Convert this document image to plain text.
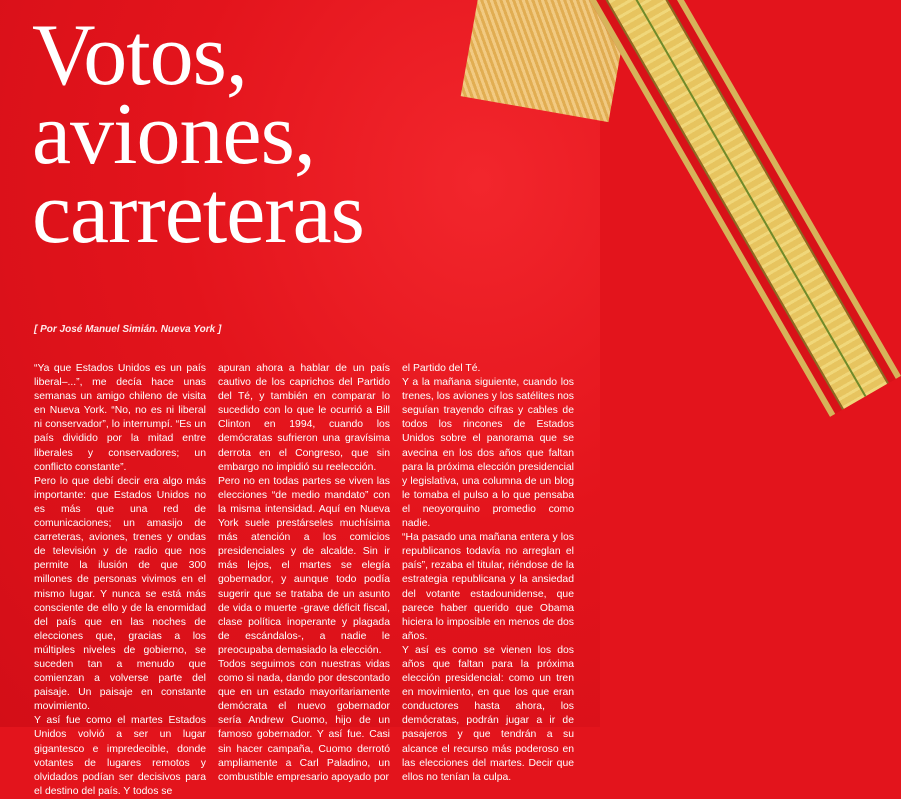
Votos,
aviones,
carreteras
[ Por José Manuel Simián. Nueva York ]

“Ya que Estados Unidos es un país liberal–...”, me decía hace unas semanas un amigo chileno de visita en Nueva York. “No, no es ni liberal ni conservador”, lo interrumpí. “Es un país dividido por la mitad entre liberales y conservadores; un conflicto constante”.

Pero lo que debí decir era algo más importante: que Estados Unidos no es más que una red de comunicaciones; un amasijo de carreteras, aviones, trenes y ondas de televisión y de radio que nos permite la ilusión de que 300 millones de personas vivimos en el mismo lugar. Y nunca se está más consciente de ello y de la enormidad del país que en las noches de elecciones que, gracias a los múltiples niveles de gobierno, se suceden tan a menudo que comienzan a volverse parte del paisaje. Un paisaje en constante movimiento.

Y así fue como el martes Estados Unidos volvió a ser un lugar gigantesco e impredecible, donde votantes de lugares remotos y olvidados podían ser decisivos para el destino del país. Y todos se

apuran ahora a hablar de un país cautivo de los caprichos del Partido del Té, y también en comparar lo sucedido con lo que le ocurrió a Bill Clinton en 1994, cuando los demócratas sufrieron una gravísima derrota en el Congreso, que sin embargo no impidió su reelección.

Pero no en todas partes se viven las elecciones “de medio mandato” con la misma intensidad. Aquí en Nueva York suele prestárseles muchísima más atención a los comicios presidenciales y de alcalde. Sin ir más lejos, el martes se elegía gobernador, y aunque todo podía sugerir que se trataba de un asunto de vida o muerte -grave déficit fiscal, clase política inoperante y plagada de escándalos-, a nadie le preocupaba demasiado la elección.

Todos seguimos con nuestras vidas como si nada, dando por descontado que en un estado mayoritariamente demócrata el nuevo gobernador sería Andrew Cuomo, hijo de un famoso gobernador. Y así fue. Casi sin hacer campaña, Cuomo derrotó ampliamente a Carl Paladino, un combustible empresario apoyado por

el Partido del Té.

Y a la mañana siguiente, cuando los trenes, los aviones y los satélites nos seguían trayendo cifras y cables de todos los rincones de Estados Unidos sobre el panorama que se avecina en los dos años que faltan para la próxima elección presidencial y legislativa, una columna de un blog le tomaba el pulso a lo que pensaba el neoyorquino promedio como nadie.

“Ha pasado una mañana entera y los republicanos todavía no arreglan el país”, rezaba el titular, riéndose de la estrategia republicana y la ansiedad del votante estadounidense, que parece haber querido que Obama hiciera lo imposible en menos de dos años.

Y así es como se vienen los dos años que faltan para la próxima elección presidencial: como un tren en movimiento, en que los que eran conductores hasta ahora, los demócratas, podrán jugar a ir de pasajeros y que tendrán a su alcance el recurso más poderoso en las elecciones del martes. Decir que ellos no tenían la culpa.
